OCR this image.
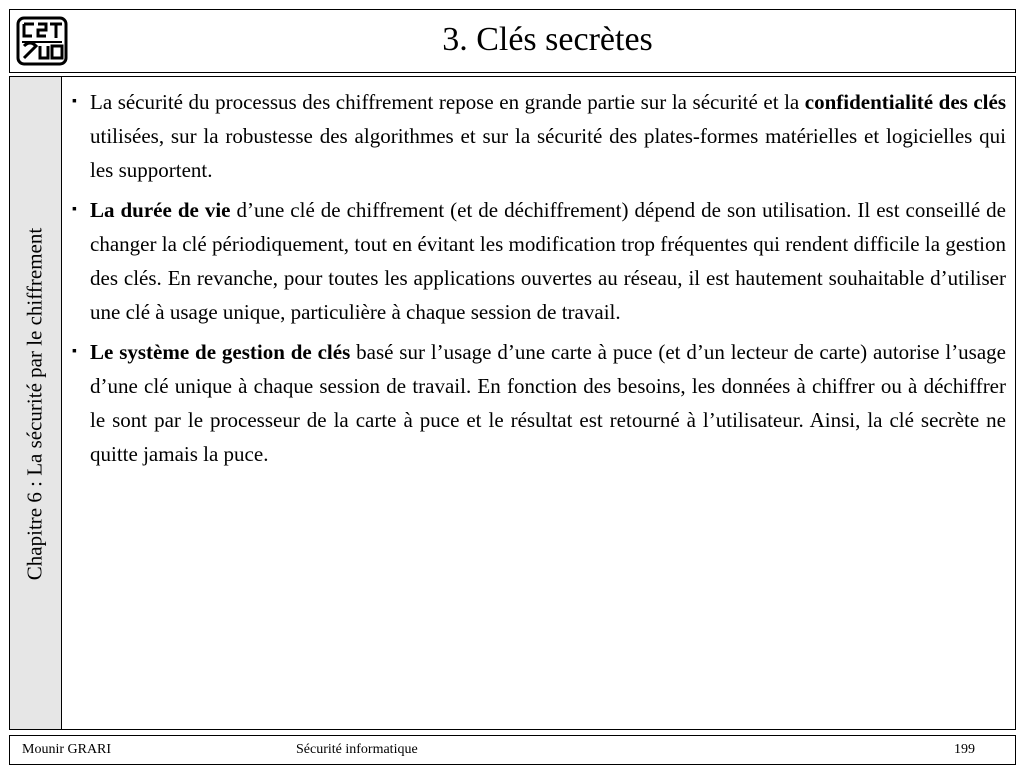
3. Clés secrètes
Chapitre 6 : La sécurité par le chiffrement
▪ La sécurité du processus des chiffrement repose en grande partie sur la sécurité et la confidentialité des clés utilisées, sur la robustesse des algorithmes et sur la sécurité des plates-formes matérielles et logicielles qui les supportent.
▪ La durée de vie d’une clé de chiffrement (et de déchiffrement) dépend de son utilisation. Il est conseillé de changer la clé périodiquement, tout en évitant les modification trop fréquentes qui rendent difficile la gestion des clés. En revanche, pour toutes les applications ouvertes au réseau, il est hautement souhaitable d’utiliser une clé à usage unique, particulière à chaque session de travail.
▪ Le système de gestion de clés basé sur l’usage d’une carte à puce (et d’un lecteur de carte) autorise l’usage d’une clé unique à chaque session de travail. En fonction des besoins, les données à chiffrer ou à déchiffrer le sont par le processeur de la carte à puce et le résultat est retourné à l’utilisateur. Ainsi, la clé secrète ne quitte jamais la puce.
Mounir GRARI	Sécurité informatique	199
